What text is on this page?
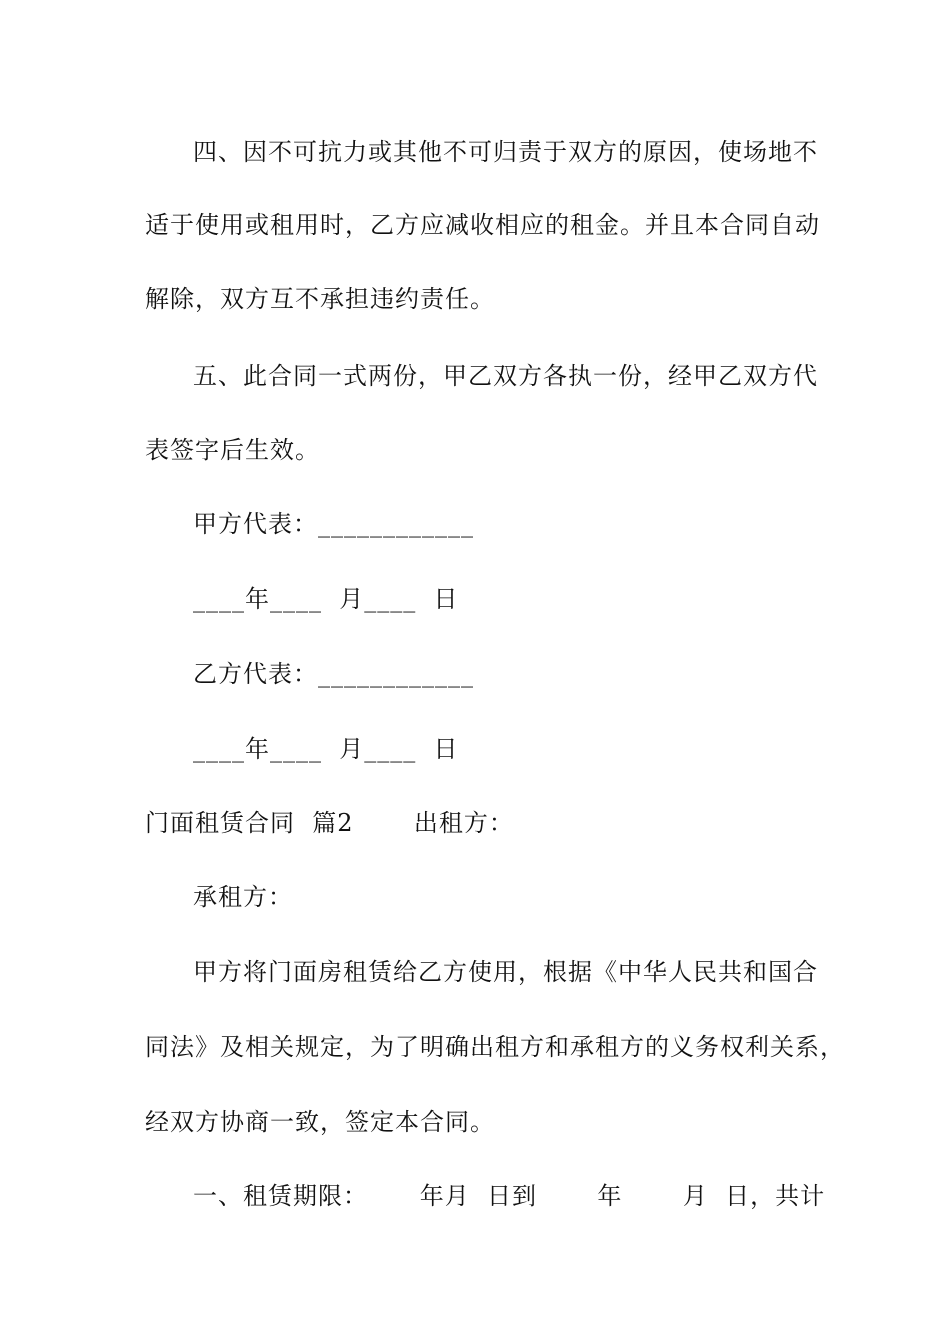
四、因不可抗力或其他不可归责于双方的原因，使场地不
适于使用或租用时，乙方应减收相应的租金。并且本合同自动
解除，双方互不承担违约责任。
五、此合同一式两份，甲乙双方各执一份，经甲乙双方代
表签字后生效。
甲方代表：____________
____年____  月____  日
乙方代表：____________
____年____  月____  日
门面租赁合同  篇2       出租方：
承租方：
甲方将门面房租赁给乙方使用，根据《中华人民共和国合
同法》及相关规定，为了明确出租方和承租方的义务权利关系，
经双方协商一致，签定本合同。
一、租赁期限：      年月  日到       年       月  日，共计
